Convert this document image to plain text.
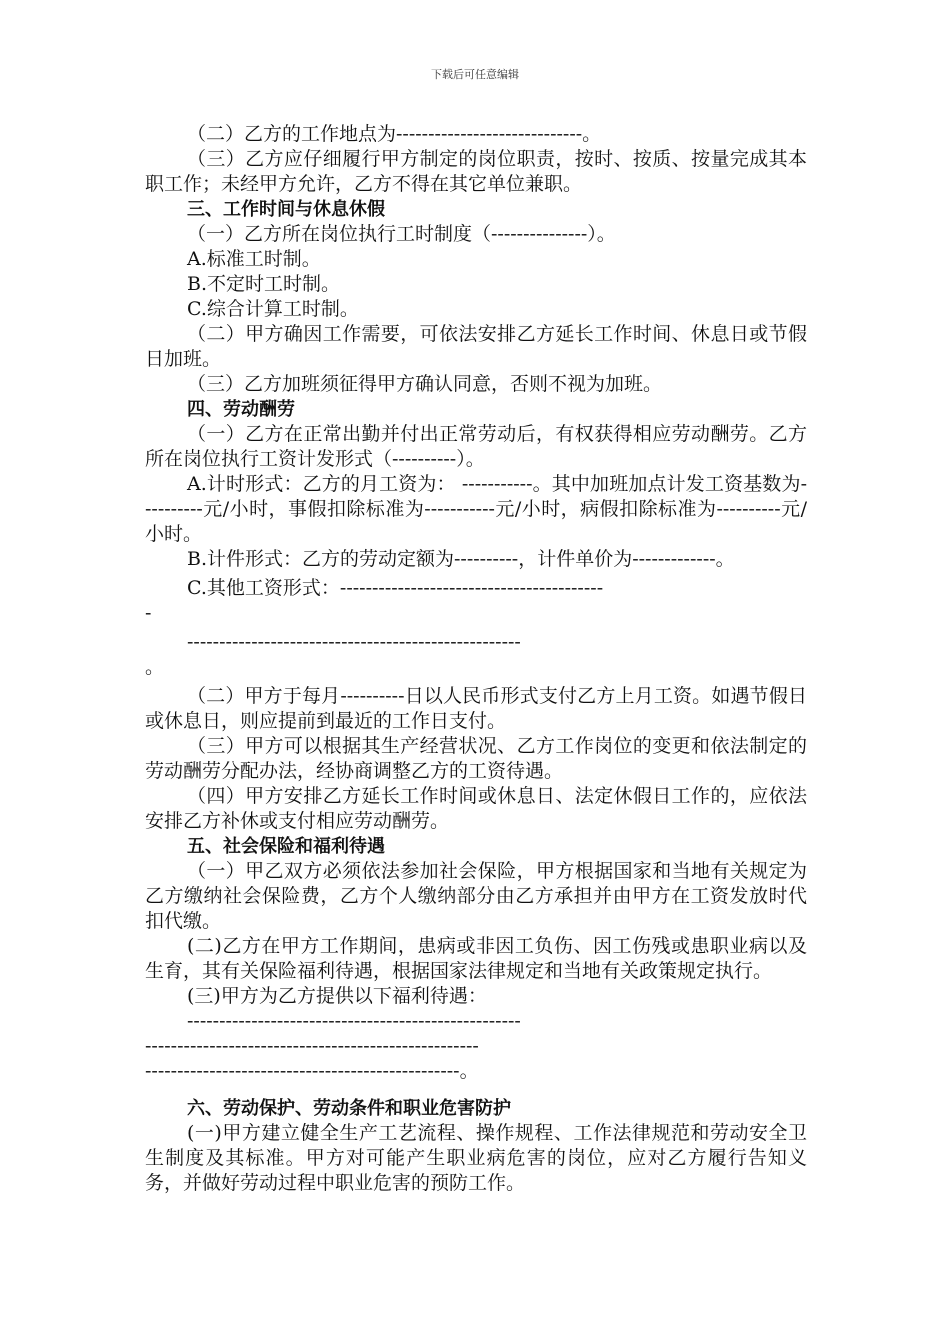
下载后可任意编辑

（二）乙方的工作地点为-----------------------------。

（三）乙方应仔细履行甲方制定的岗位职责，按时、按质、按量完成其本职工作；未经甲方允许，乙方不得在其它单位兼职。

三、工作时间与休息休假

（一）乙方所在岗位执行工时制度（---------------）。

A.标准工时制。

B.不定时工时制。

C.综合计算工时制。

（二）甲方确因工作需要，可依法安排乙方延长工作时间、休息日或节假日加班。

（三）乙方加班须征得甲方确认同意，否则不视为加班。

四、劳动酬劳

（一）乙方在正常出勤并付出正常劳动后，有权获得相应劳动酬劳。乙方所在岗位执行工资计发形式（----------）。

A.计时形式：乙方的月工资为： -----------。其中加班加点计发工资基数为----------元/小时，事假扣除标准为-----------元/小时，病假扣除标准为----------元/小时。

B.计件形式：乙方的劳动定额为----------，计件单价为-------------。

C.其他工资形式：-----------------------------------------
-

----------------------------------------------------
。

（二）甲方于每月----------日以人民币形式支付乙方上月工资。如遇节假日或休息日，则应提前到最近的工作日支付。

（三）甲方可以根据其生产经营状况、乙方工作岗位的变更和依法制定的劳动酬劳分配办法，经协商调整乙方的工资待遇。

（四）甲方安排乙方延长工作时间或休息日、法定休假日工作的，应依法安排乙方补休或支付相应劳动酬劳。

五、社会保险和福利待遇

（一）甲乙双方必须依法参加社会保险，甲方根据国家和当地有关规定为乙方缴纳社会保险费，乙方个人缴纳部分由乙方承担并由甲方在工资发放时代扣代缴。

(二)乙方在甲方工作期间，患病或非因工负伤、因工伤残或患职业病以及生育，其有关保险福利待遇，根据国家法律规定和当地有关政策规定执行。

(三)甲方为乙方提供以下福利待遇：

----------------------------------------------------
----------------------------------------------------
-------------------------------------------------。

六、劳动保护、劳动条件和职业危害防护

(一)甲方建立健全生产工艺流程、操作规程、工作法律规范和劳动安全卫生制度及其标准。甲方对可能产生职业病危害的岗位，应对乙方履行告知义务，并做好劳动过程中职业危害的预防工作。
